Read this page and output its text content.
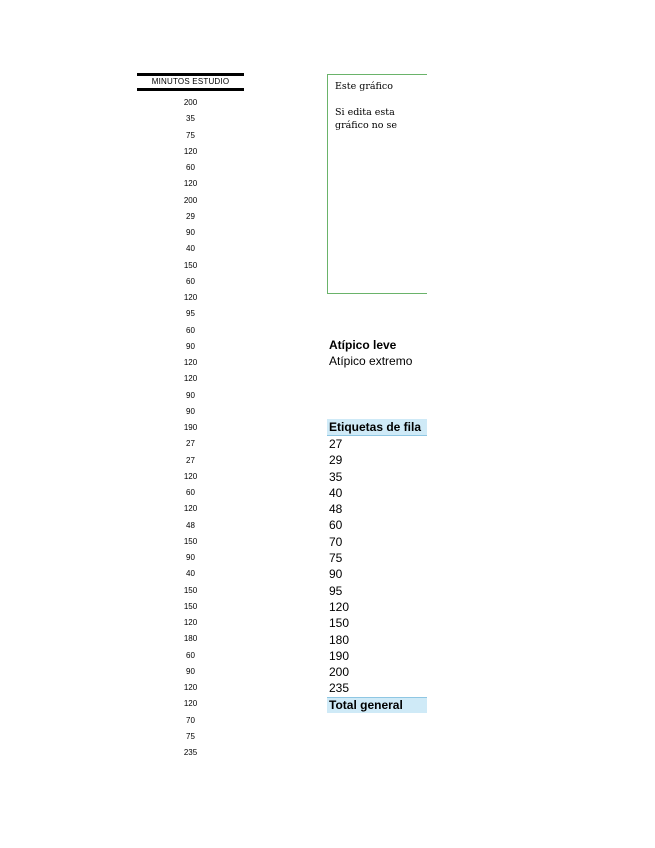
MINUTOS ESTUDIO
200
35
75
120
60
120
200
29
90
40
150
60
120
95
60
90
120
120
90
90
190
27
27
120
60
120
48
150
90
40
150
150
120
180
60
90
120
120
70
75
235
Este gráfico
Si edita esta
gráfico no se
Atípico leve
Atípico extremo
Etiquetas de fila
27
29
35
40
48
60
70
75
90
95
120
150
180
190
200
235
Total general
